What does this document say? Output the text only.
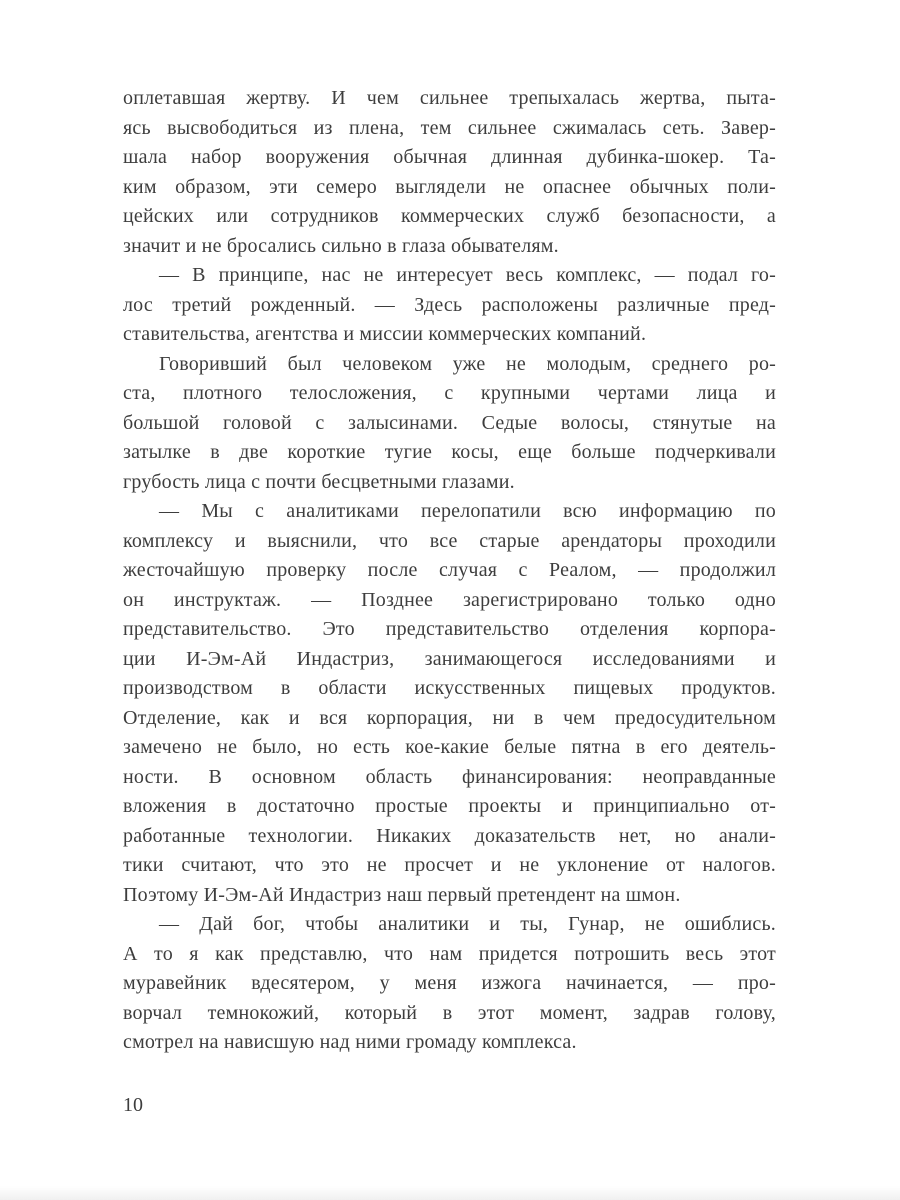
оплетавшая жертву. И чем сильнее трепыхалась жертва, пыта-
ясь высвободиться из плена, тем сильнее сжималась сеть. Завер-
шала набор вооружения обычная длинная дубинка-шокер. Та-
ким образом, эти семеро выглядели не опаснее обычных поли-
цейских или сотрудников коммерческих служб безопасности, а
значит и не бросались сильно в глаза обывателям.

— В принципе, нас не интересует весь комплекс, — подал го-
лос третий рожденный. — Здесь расположены различные пред-
ставительства, агентства и миссии коммерческих компаний.

Говоривший был человеком уже не молодым, среднего ро-
ста, плотного телосложения, с крупными чертами лица и
большой головой с залысинами. Седые волосы, стянутые на
затылке в две короткие тугие косы, еще больше подчеркивали
грубость лица с почти бесцветными глазами.

— Мы с аналитиками перелопатили всю информацию по
комплексу и выяснили, что все старые арендаторы проходили
жесточайшую проверку после случая с Реалом, — продолжил
он инструктаж. — Позднее зарегистрировано только одно
представительство. Это представительство отделения корпора-
ции И-Эм-Ай Индастриз, занимающегося исследованиями и
производством в области искусственных пищевых продуктов.
Отделение, как и вся корпорация, ни в чем предосудительном
замечено не было, но есть кое-какие белые пятна в его деятель-
ности. В основном область финансирования: неоправданные
вложения в достаточно простые проекты и принципиально от-
работанные технологии. Никаких доказательств нет, но анали-
тики считают, что это не просчет и не уклонение от налогов.
Поэтому И-Эм-Ай Индастриз наш первый претендент на шмон.

— Дай бог, чтобы аналитики и ты, Гунар, не ошиблись.
А то я как представлю, что нам придется потрошить весь этот
муравейник вдесятером, у меня изжога начинается, — про-
ворчал темнокожий, который в этот момент, задрав голову,
смотрел на нависшую над ними громаду комплекса.

10
